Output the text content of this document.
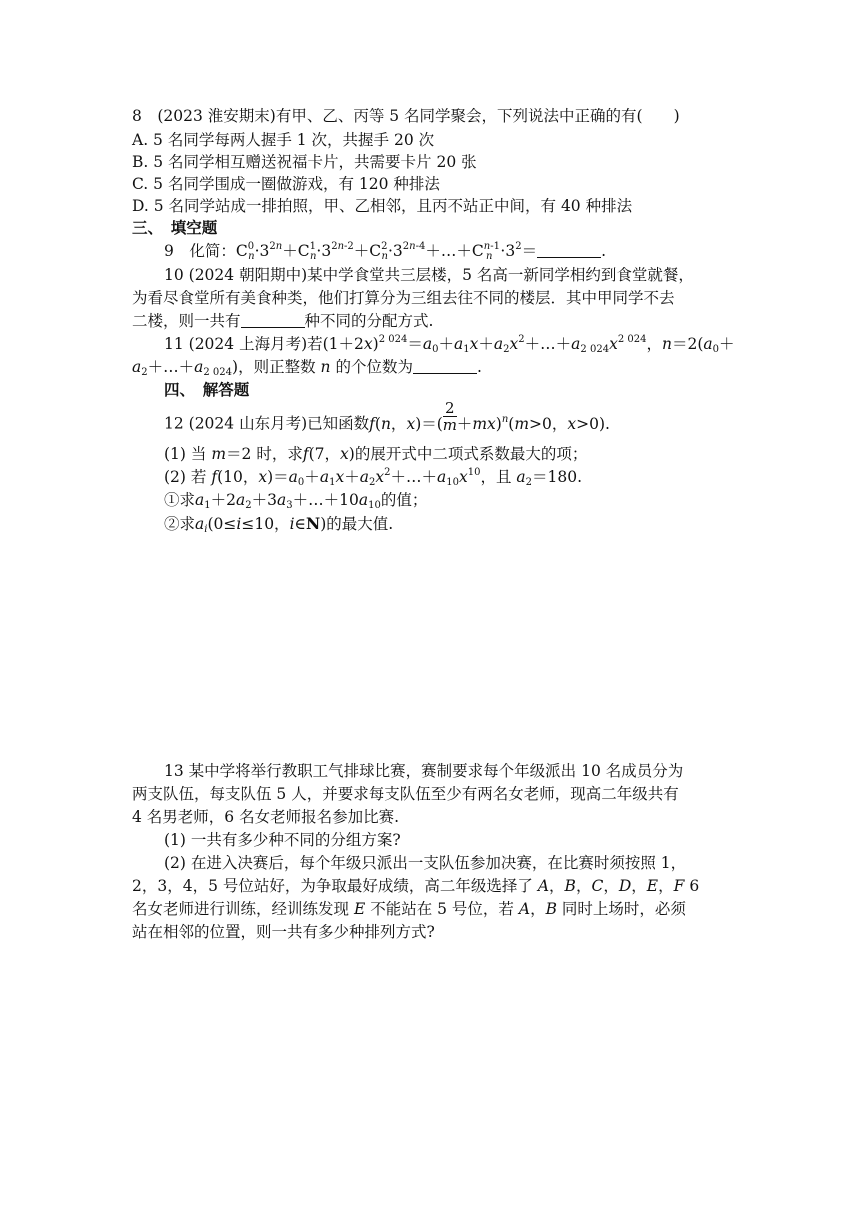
8　(2023 淮安期末)有甲、乙、丙等 5 名同学聚会，下列说法中正确的有(　　)
A. 5 名同学每两人握手 1 次，共握手 20 次
B. 5 名同学相互赠送祝福卡片，共需要卡片 20 张
C. 5 名同学围成一圈做游戏，有 120 种排法
D. 5 名同学站成一排拍照，甲、乙相邻，且丙不站正中间，有 40 种排法
三、　填空题
9　化简：$C^0_n\cdot 3^{2n}+C^1_n\cdot 3^{2n-2}+C^2_n\cdot 3^{2n-4}+\dots+C^{n-1}_n \cdot 3^2=$	.
10 (2024 朝阳期中)某中学食堂共三层楼，5 名高一新同学相约到食堂就餐，
为看尽食堂所有美食种类，他们打算分为三组去往不同的楼层．其中甲同学不去
二楼，则一共有	种不同的分配方式.
11 (2024 上海月考)若$(1+2x)^{2 024}=a_0+a_1x+a_2x^2+\dots+a_{2 024}x^{2 024}$，$n=2(a_0+$
$a_2+\dots+a_{2 024}$)，则正整数 n 的个位数为	.
四、　解答题
12 (2024 山东月考)已知函数f(n，$x)=( \frac{2}{m} +mx)^n(m>0$，x>0).
(1) 当 m＝2 时，求f(7，x)的展开式中二项式系数最大的项；
(2) 若 f(10，$x)=a_0+a_1x+a_2x^2+\dots+a_{10}x^{10}$，且 $a_2=180$.
①求$a_1+2a_2+3a_3+\dots+10a_{10}$的值；
②求$a_i(0\le i\le 10$，i∈N)的最大值.
13 某中学将举行教职工气排球比赛，赛制要求每个年级派出 10 名成员分为
两支队伍，每支队伍 5 人，并要求每支队伍至少有两名女老师，现高二年级共有
4 名男老师，6 名女老师报名参加比赛.
(1) 一共有多少种不同的分组方案?
(2) 在进入决赛后，每个年级只派出一支队伍参加决赛，在比赛时须按照 1，
2，3，4，5 号位站好，为争取最好成绩，高二年级选择了 A，B，C，D，E，F 6
名女老师进行训练，经训练发现 E 不能站在 5 号位，若 A，B 同时上场时，必须
站在相邻的位置，则一共有多少种排列方式?
